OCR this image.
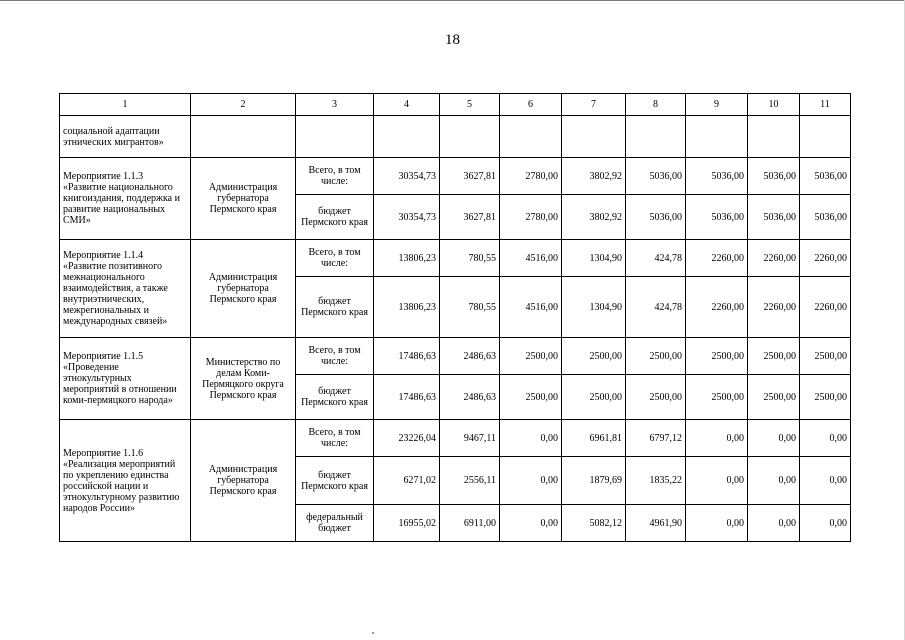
18
1	2	3	4	5	6	7	8	9	10	11
социальной адаптации этнических мигрантов»										
Мероприятие 1.1.3 «Развитие национального книгоиздания, поддержка и развитие национальных СМИ»	Администрация губернатора Пермского края	Всего, в том числе:	30354,73	3627,81	2780,00	3802,92	5036,00	5036,00	5036,00	5036,00
		бюджет Пермского края	30354,73	3627,81	2780,00	3802,92	5036,00	5036,00	5036,00	5036,00
Мероприятие 1.1.4 «Развитие позитивного межнационального взаимодействия, а также внутриэтнических, межрегиональных и международных связей»	Администрация губернатора Пермского края	Всего, в том числе:	13806,23	780,55	4516,00	1304,90	424,78	2260,00	2260,00	2260,00
		бюджет Пермского края	13806,23	780,55	4516,00	1304,90	424,78	2260,00	2260,00	2260,00
Мероприятие 1.1.5 «Проведение этнокультурных мероприятий в отношении коми-пермяцкого народа»	Министерство по делам Коми-Пермяцкого округа Пермского края	Всего, в том числе:	17486,63	2486,63	2500,00	2500,00	2500,00	2500,00	2500,00	2500,00
		бюджет Пермского края	17486,63	2486,63	2500,00	2500,00	2500,00	2500,00	2500,00	2500,00
Мероприятие 1.1.6 «Реализация мероприятий по укреплению единства российской нации и этнокультурному развитию народов России»	Администрация губернатора Пермского края	Всего, в том числе:	23226,04	9467,11	0,00	6961,81	6797,12	0,00	0,00	0,00
		бюджет Пермского края	6271,02	2556,11	0,00	1879,69	1835,22	0,00	0,00	0,00
		федеральный бюджет	16955,02	6911,00	0,00	5082,12	4961,90	0,00	0,00	0,00
